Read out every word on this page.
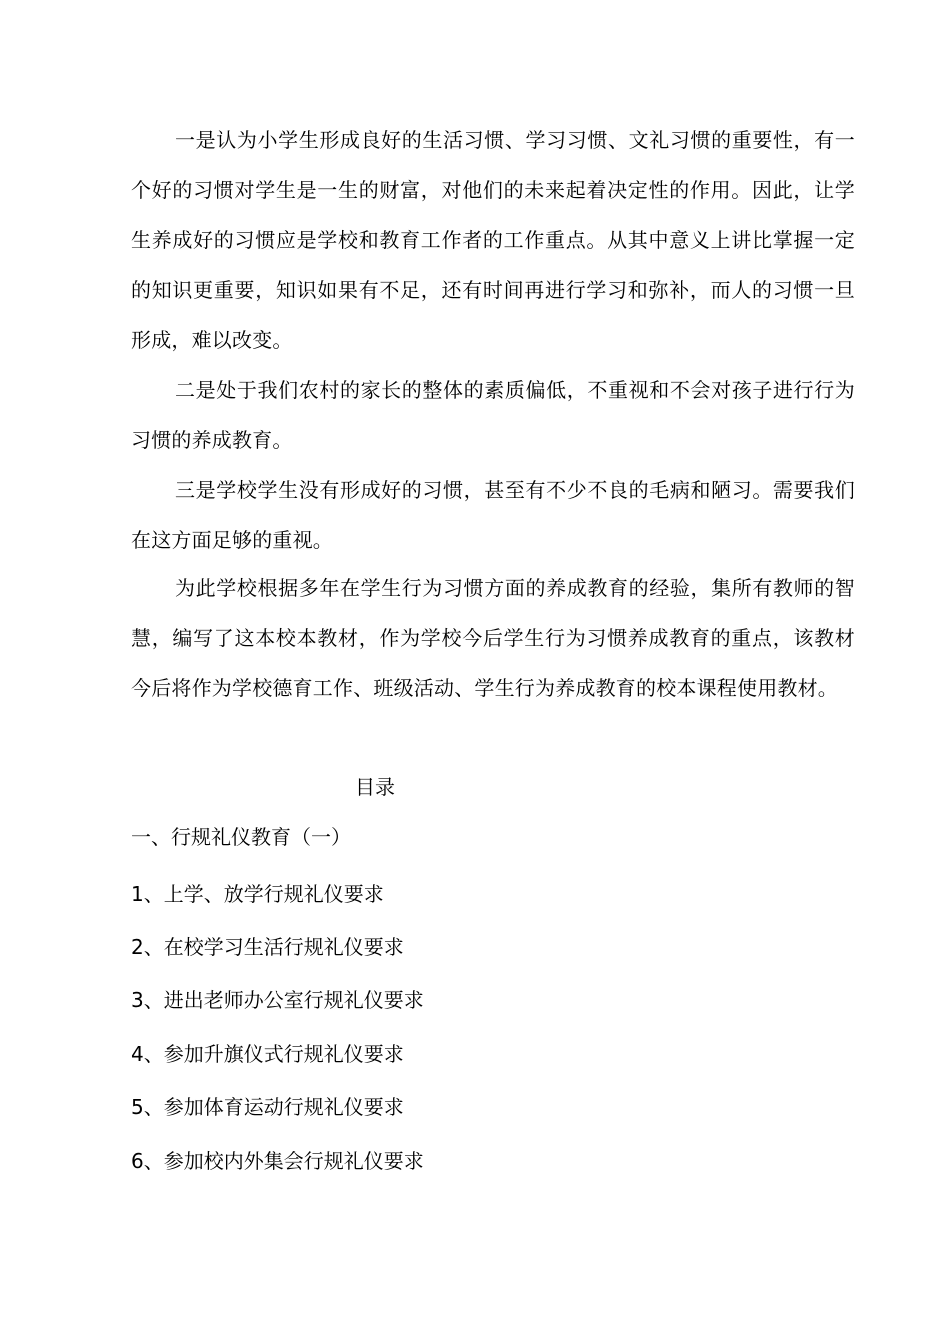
一是认为小学生形成良好的生活习惯、学习习惯、文礼习惯的重要性，有一个好的习惯对学生是一生的财富，对他们的未来起着决定性的作用。因此，让学生养成好的习惯应是学校和教育工作者的工作重点。从其中意义上讲比掌握一定的知识更重要，知识如果有不足，还有时间再进行学习和弥补，而人的习惯一旦形成，难以改变。

二是处于我们农村的家长的整体的素质偏低，不重视和不会对孩子进行行为习惯的养成教育。

三是学校学生没有形成好的习惯，甚至有不少不良的毛病和陋习。需要我们在这方面足够的重视。

为此学校根据多年在学生行为习惯方面的养成教育的经验，集所有教师的智慧，编写了这本校本教材，作为学校今后学生行为习惯养成教育的重点，该教材今后将作为学校德育工作、班级活动、学生行为养成教育的校本课程使用教材。

目录

一、行规礼仪教育（一）

1、上学、放学行规礼仪要求

2、在校学习生活行规礼仪要求

3、进出老师办公室行规礼仪要求

4、参加升旗仪式行规礼仪要求

5、参加体育运动行规礼仪要求

6、参加校内外集会行规礼仪要求
